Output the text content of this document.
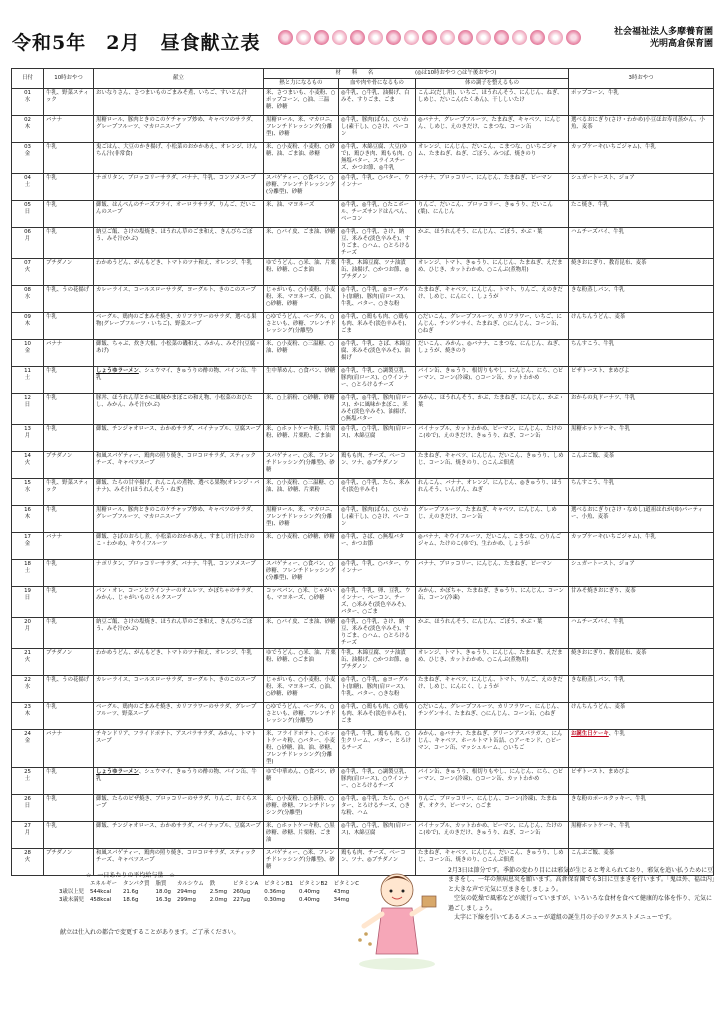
令和5年　2月　昼食献立表	社会福祉法人多摩養育園
光明高倉保育園
日付	10時おやつ	献立	材　　料　　名 (◎は10時おやつ ○は午後おやつ)			3時おやつ
			熱と力になるもの	血や肉や骨になるもの	体の調子を整えるもの	

01
水	牛乳、野菜スティック	おいなりさん、さつまいものごまみそ煮、いちご、すいとん汁	米、さつまいも、小麦粉、○ポップコーン、○油、三温糖、砂糖	◎牛乳、○牛乳、油揚げ、白みそ、すりごま、ごま	こんぶ(だし用)、いちご、ほうれんそう、にんじん、ねぎ、しめじ、だいこん(たくあん)、干ししいたけ	ポップコーン、牛乳

02
木	バナナ	黒糖ロール、豚肉ときのこのケチャップ炒め、キャベツのサラダ、グレープフルーツ、マカロニスープ	黒糖ロール、米、マカロニ、フレンチドレッシング(分離型)、砂糖	◎牛乳、豚肉(ばら)、○いわし(素干し)、○さけ、ベーコン	◎バナナ、グレープフルーツ、たまねぎ、キャベツ、にんじん、しめじ、えのきだけ、こまつな、コーン缶	選べるおにぎり(さけ・わかめ)小豆ほお寿司蒸かん、小魚、麦茶

03
金	牛乳	鬼ごはん、大豆のかき揚げ、小松菜のおかかあえ、オレンジ、けんちん汁(非常食)	米、○小麦粉、小麦粉、○砂糖、油、ごま油、砂糖	◎牛乳、木綿豆腐、大豆(ゆで)、鶏ひき肉、鶏もも肉、○無塩バター、スライスチーズ、かつお節、◎牛乳	オレンジ、にんじん、だいこん、こまつな、○いちごジャム、たまねぎ、ねぎ、ごぼう、みつば、焼きのり	カップケーキ(いちごジャム)、牛乳

04
土	牛乳	ナポリタン、ブロッコリーサラダ、バナナ、牛乳、コンソメスープ	スパゲティー、○食パン、○砂糖、フレンチドレッシング(分離型)、砂糖	◎牛乳、牛乳、○バター、ウインナー	バナナ、ブロッコリー、にんじん、たまねぎ、ピーマン	シュガートースト、ジョア

05
日	牛乳	御飯、はんぺんのチーズフライ、オーロラサラダ、りんご、だいこんのスープ	米、油、マヨネーズ	◎牛乳、◎牛乳、○たこボール、チーズサンドはんぺん、ベーコン	りんご、だいこん、ブロッコリー、きゅうり、だいこん(葉)、にんじん	たこ焼き、牛乳

06
月	牛乳	納豆ご飯、さけの塩焼き、ほうれん草のごま和え、きんぴらごぼう、みそ汁(かぶ)	米、○パイ皮、ごま油、砂糖	◎牛乳、○牛乳、さけ、納豆、米みそ(淡色辛みそ)、すりごま、○ハム、○とろけるチーズ	かぶ、ほうれんそう、にんじん、ごぼう、かぶ・葉	ハムチーズパイ、牛乳

07
火	プチダノン	わかめうどん、がんもどき、トマトのツナ和え、オレンジ、牛乳	ゆでうどん、○米、油、片栗粉、砂糖、○ごま油	牛乳、木綿豆腐、ツナ油漬缶、油揚げ、○かつお節、◎プチダノン	オレンジ、トマト、きゅうり、にんじん、たまねぎ、えだまめ、ひじき、カットわかめ、○こんぶ(煮物用)	焼きおにぎり、教育昆布、麦茶

08
水	牛乳、うの花揚げ	カレーライス、コールスローサラダ、ヨーグルト、きのこのスープ	じゃがいも、○小麦粉、小麦粉、米、マヨネーズ、○油、○砂糖、砂糖	◎牛乳、○牛乳、◎ヨーグルト(加糖)、豚肉(肩ロース)、牛乳、バター、○きな粉	たまねぎ、キャベツ、にんじん、トマト、りんご、えのきだけ、しめじ、にんにく、しょうが	きな粉蒸しパン、牛乳

09
木	牛乳	ベーグル、鶏肉のごまみそ焼き、カリフラワーのサラダ、選べる果物(グレープフルーツ・いちご)、野菜スープ	○ゆでうどん、ベーグル、○さといも、砂糖、フレンチドレッシング(分離型)	◎牛乳、○鶏もも肉、○鶏もも肉、米みそ(淡色辛みそ)、ごま	○だいこん、グレープフルーツ、カリフラワー、いちご、にんじん、チンゲンサイ、たまねぎ、○にんじん、コーン缶、○ねぎ	けんちんうどん、麦茶

10
金	バナナ	御飯、ちゃぶ、炊き大根、小松菜の磯和え、みかん、みそ汁(豆腐・あげ)	米、○小麦粉、○三温糖、○油、砂糖	◎牛乳、牛乳、さば、木綿豆腐、米みそ(淡色辛みそ)、油揚げ	だいこん、みかん、◎バナナ、こまつな、にんじん、ねぎ、しょうが、焼きのり	ちんすこう、牛乳

11
土	牛乳	しょうゆラーメン、シュウマイ、きゅうりの酢の物、パイン缶、牛乳	生中華めん、○食パン、砂糖	◎牛乳、牛乳、○調製豆乳、豚肉(肩ロース)、○ウインナー、○とろけるチーズ	パイン缶、きゅうり、根切りもやし、にんじん、にら、○ピーマン、コーン(冷凍)、○コーン缶、カットわかめ	ピザトースト、まめびよ

12
日	牛乳	豚丼、ほうれん草とかに風味かまぼこの和え物、小松菜のおひたし、みかん、みそ汁(かぶ)	米、○上新粉、○砂糖、砂糖	◎牛乳、◎牛乳、豚肉(肩ロース)、かに風味かまぼこ、米みそ(淡色辛みそ)、油揚げ、○無塩バター	みかん、ほうれんそう、かぶ、たまねぎ、にんじん、かぶ・葉	おからの丸ドーナツ、牛乳

13
月	牛乳	御飯、チンジャオロース、わかめサラダ、バイナップル、豆腐スープ	米、○ホットケーキ粉、片栗粉、砂糖、片栗粉、ごま油	◎牛乳、○牛乳、豚肉(肩ロース)、木綿豆腐	パイナップル、カットわかめ、ピーマン、にんじん、たけのこ(ゆで)、えのきだけ、きゅうり、ねぎ、コーン缶	黒糖ホットケーキ、牛乳

14
火	プチダノン	和風スパゲティー、鶏肉の照り焼き、コロコロサラダ、スティックチーズ、キャベツスープ	スパゲティー、○米、フレンチドレッシング(分離型)、砂糖	鶏もも肉、チーズ、ベーコン、ツナ、◎プチダノン	たまねぎ、キャベツ、にんじん、だいこん、きゅうり、しめじ、コーン缶、焼きのり、○こんぶ佃煮	こんぶご飯、麦茶

15
水	牛乳、野菜スティック	御飯、たらの甘辛揚げ、れんこんの煮物、選べる果物(オレンジ・バナナ)、みそ汁(ほうれんそう・ねぎ)	米、○小麦粉、○三温糖、○油、油、砂糖、片栗粉	◎牛乳、○牛乳、たら、米みそ(淡色辛みそ)	れんこん、バナナ、オレンジ、にんじん、◎きゅうり、ほうれんそう、いんげん、ねぎ	ちんすこう、牛乳

16
木	牛乳	黒糖ロール、豚肉ときのこのケチャップ炒め、キャベツのサラダ、グレープフルーツ、マカロニスープ	黒糖ロール、米、マカロニ、フレンチドレッシング(分離型)、砂糖	◎牛乳、豚肉(ばら)、○いわし(素干し)、○さけ、ベーコン	グレープフルーツ、たまねぎ、キャベツ、にんじん、しめじ、えのきだけ、コーン缶	選べるおにぎり(さけ・なめし)道祖はれが(ゆ)パーティー、小魚、麦茶

17
金	バナナ	御飯、さばのおろし煮、小松菜のおかかあえ、すましけ汁(たけのこ・わかめ)、キウイフルーツ	米、○小麦粉、○砂糖、砂糖	◎牛乳、さば、○無塩バター、かつお節	◎バナナ、キウイフルーツ、だいこん、こまつな、○りんごジャム、たけのこ(ゆで)、生わかめ、しょうが	カップケーキ(いちごジャム)、牛乳

18
土	牛乳	ナポリタン、ブロッコリーサラダ、バナナ、牛乳、コンソメスープ	スパゲティー、○食パン、○砂糖、フレンチドレッシング(分離型)、砂糖	◎牛乳、牛乳、○バター、ウインナー	バナナ、ブロッコリー、にんじん、たまねぎ、ピーマン	シュガートースト、ジョア

19
日	牛乳	パン・オレ、コーンとウインナーのオムレツ、かぼちゃのサラダ、みかん、じゃがいものミルクスープ	コッペパン、○米、じゃがいも、マヨネーズ、○砂糖	◎牛乳、牛乳、卵、豆乳、ウインナー、ベーコン、チーズ、○米みそ(淡色辛みそ)、バター、○ごま	みかん、かぼちゃ、たまねぎ、きゅうり、にんじん、コーン缶、コーン(冷凍)	甘みそ焼きおにぎり、麦茶

20
月	牛乳	納豆ご飯、さけの塩焼き、ほうれん草のごま和え、きんぴらごぼう、みそ汁(かぶ)	米、○パイ皮、ごま油、砂糖	◎牛乳、○牛乳、さけ、納豆、米みそ(淡色辛みそ)、すりごま、○ハム、○とろけるチーズ	かぶ、ほうれんそう、にんじん、ごぼう、かぶ・葉	ハムチーズパイ、牛乳

21
火	プチダノン	わかめうどん、がんもどき、トマトのツナ和え、オレンジ、牛乳	ゆでうどん、○米、油、片栗粉、砂糖、○ごま油	牛乳、木綿豆腐、ツナ油漬缶、油揚げ、○かつお節、◎プチダノン	オレンジ、トマト、きゅうり、にんじん、たまねぎ、えだまめ、ひじき、カットわかめ、○こんぶ(煮物用)	焼きおにぎり、教育昆布、麦茶

22
水	牛乳、うの花揚げ	カレーライス、コールスローサラダ、ヨーグルト、きのこのスープ	じゃがいも、○小麦粉、小麦粉、米、マヨネーズ、○油、○砂糖、砂糖	◎牛乳、○牛乳、◎ヨーグルト(加糖)、豚肉(肩ロース)、牛乳、バター、○きな粉	たまねぎ、キャベツ、にんじん、トマト、りんご、えのきだけ、しめじ、にんにく、しょうが	きな粉蒸しパン、牛乳

23
木	牛乳	ベーグル、鶏肉のごまみそ焼き、カリフラワーのサラダ、グレープフルーツ、野菜スープ	○ゆでうどん、ベーグル、○さといも、砂糖、フレンチドレッシング(分離型)	◎牛乳、○鶏もも肉、○鶏もも肉、米みそ(淡色辛みそ)、ごま	○だいこん、グレープフルーツ、カリフラワー、にんじん、チンゲンサイ、たまねぎ、○にんじん、コーン缶、○ねぎ	けんちんうどん、麦茶

24
金	バナナ	チキンドリア、フライドポテト、アスパラサラダ、みかん、トマトスープ	米、フライドポテト、○ホットケーキ粉、○バター、小麦粉、○砂糖、油、油、砂糖、フレンチドレッシング(分離型)	◎牛乳、牛乳、鶏もも肉、○生クリーム、バター、とろけるチーズ	みかん、◎バナナ、たまねぎ、グリーンアスパラガス、にんじん、キャベツ、ホールトマト缶詰、○アーモンド、○ピーマン、コーン缶、マッシュルーム、○いちご	お誕生日ケーキ、牛乳

25
土	牛乳	しょうゆラーメン、シュウマイ、きゅうりの酢の物、パイン缶、牛乳	ゆで中華めん、○食パン、砂糖	◎牛乳、牛乳、○調製豆乳、豚肉(肩ロース)、○ウインナー、○とろけるチーズ	パイン缶、きゅうり、根切りもやし、にんじん、にら、○ピーマン、コーン(冷凍)、○コーン缶、カットわかめ	ピザトースト、まめびよ

26
日	牛乳	御飯、たらのピザ焼き、ブロッコリーのサラダ、りんご、おくらスープ	米、○小麦粉、○上新粉、○砂糖、砂糖、フレンチドレッシング(分離型)	◎牛乳、◎牛乳、たら、○バター、とろけるチーズ、○きな粉、ハム	りんご、ブロッコリー、にんじん、コーン(冷凍)、たまねぎ、オクラ、ピーマン、○ごま	きな粉のポールクッキー、牛乳

27
月	牛乳	御飯、チンジャオロース、わかめサラダ、バイナップル、豆腐スープ	米、○ホットケーキ粉、○黒砂糖、砂糖、片栗粉、ごま油	◎牛乳、○牛乳、豚肉(肩ロース)、木綿豆腐	パイナップル、カットわかめ、ピーマン、にんじん、たけのこ(ゆで)、えのきだけ、きゅうり、ねぎ、コーン缶	黒糖ホットケーキ、牛乳

28
火	プチダノン	和風スパゲティー、鶏肉の照り焼き、コロコロサラダ、スティックチーズ、キャベツスープ	スパゲティー、○米、フレンチドレッシング(分離型)、砂糖	鶏もも肉、チーズ、ベーコン、ツナ、◎プチダノン	たまねぎ、キャベツ、にんじん、だいこん、きゅうり、しめじ、コーン缶、焼きのり、○こんぶ佃煮	こんぶご飯、麦茶
☆　一日あたりの平均給与量　☆
	エネルギー	タンパク質	脂質	カルシウム	鉄	ビタミンA	ビタミンB1	ビタミンB2	ビタミンC
3歳以上児	544kcal	21.6g	18.0g	294mg	2.5mg	260μg	0.36mg	0.40mg	43mg
3歳未満児	458kcal	18.6g	16.3g	299mg	2.0mg	227μg	0.30mg	0.40mg	34mg
献立は仕入れの都合で変更することがあります。ご了承ください。

2月3日は節分です。季節の変わり目には邪気が生じると考えられており、邪気を追い払うために豆まきをし、一年の無病息災を願います。高倉保育園でも3日に豆まきを行います。「鬼は外、福は内」と大きな声で元気に豆まきをしましょう。

空気の乾燥で風邪などが流行っていますが、いろいろな食材を食べて健康的な体を作り、元気に過ごしましょう。

太字に下線を引いてあるメニューが道組の誕生月の子のリクエストメニューです。
